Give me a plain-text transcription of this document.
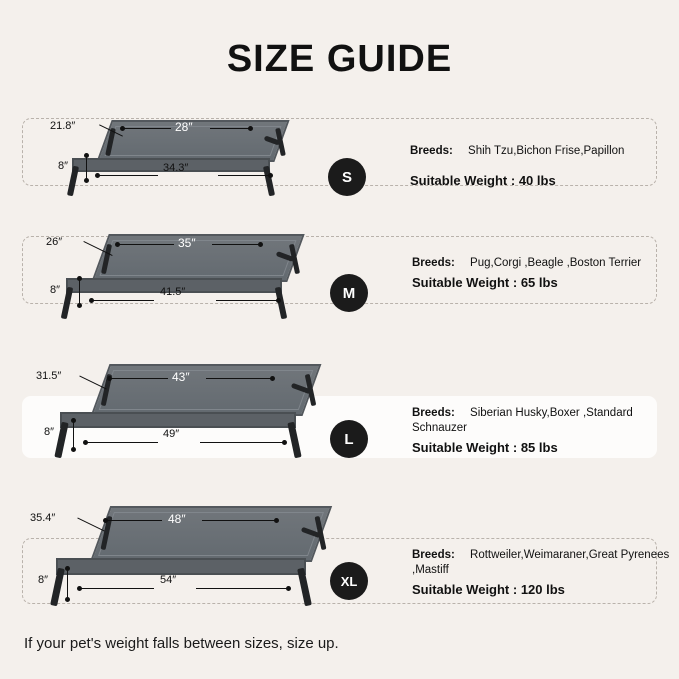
SIZE GUIDE
28″
21.8″
8″	34.3″
S
Breeds: Shih Tzu,Bichon Frise,Papillon
Suitable Weight : 40 lbs
35″
26″
8″	41.5″	M
Breeds: Pug,Corgi ,Beagle ,Boston Terrier
Suitable Weight : 65 lbs
43″
31.5″
8″	49″	L
Breeds: Siberian Husky,Boxer ,Standard Schnauzer
Suitable Weight : 85 lbs
48″
35.4″
8″	54″	XL
Breeds: Rottweiler,Weimaraner,Great Pyrenees ,Mastiff
Suitable Weight : 120 lbs
If your pet's weight falls between sizes, size up.
